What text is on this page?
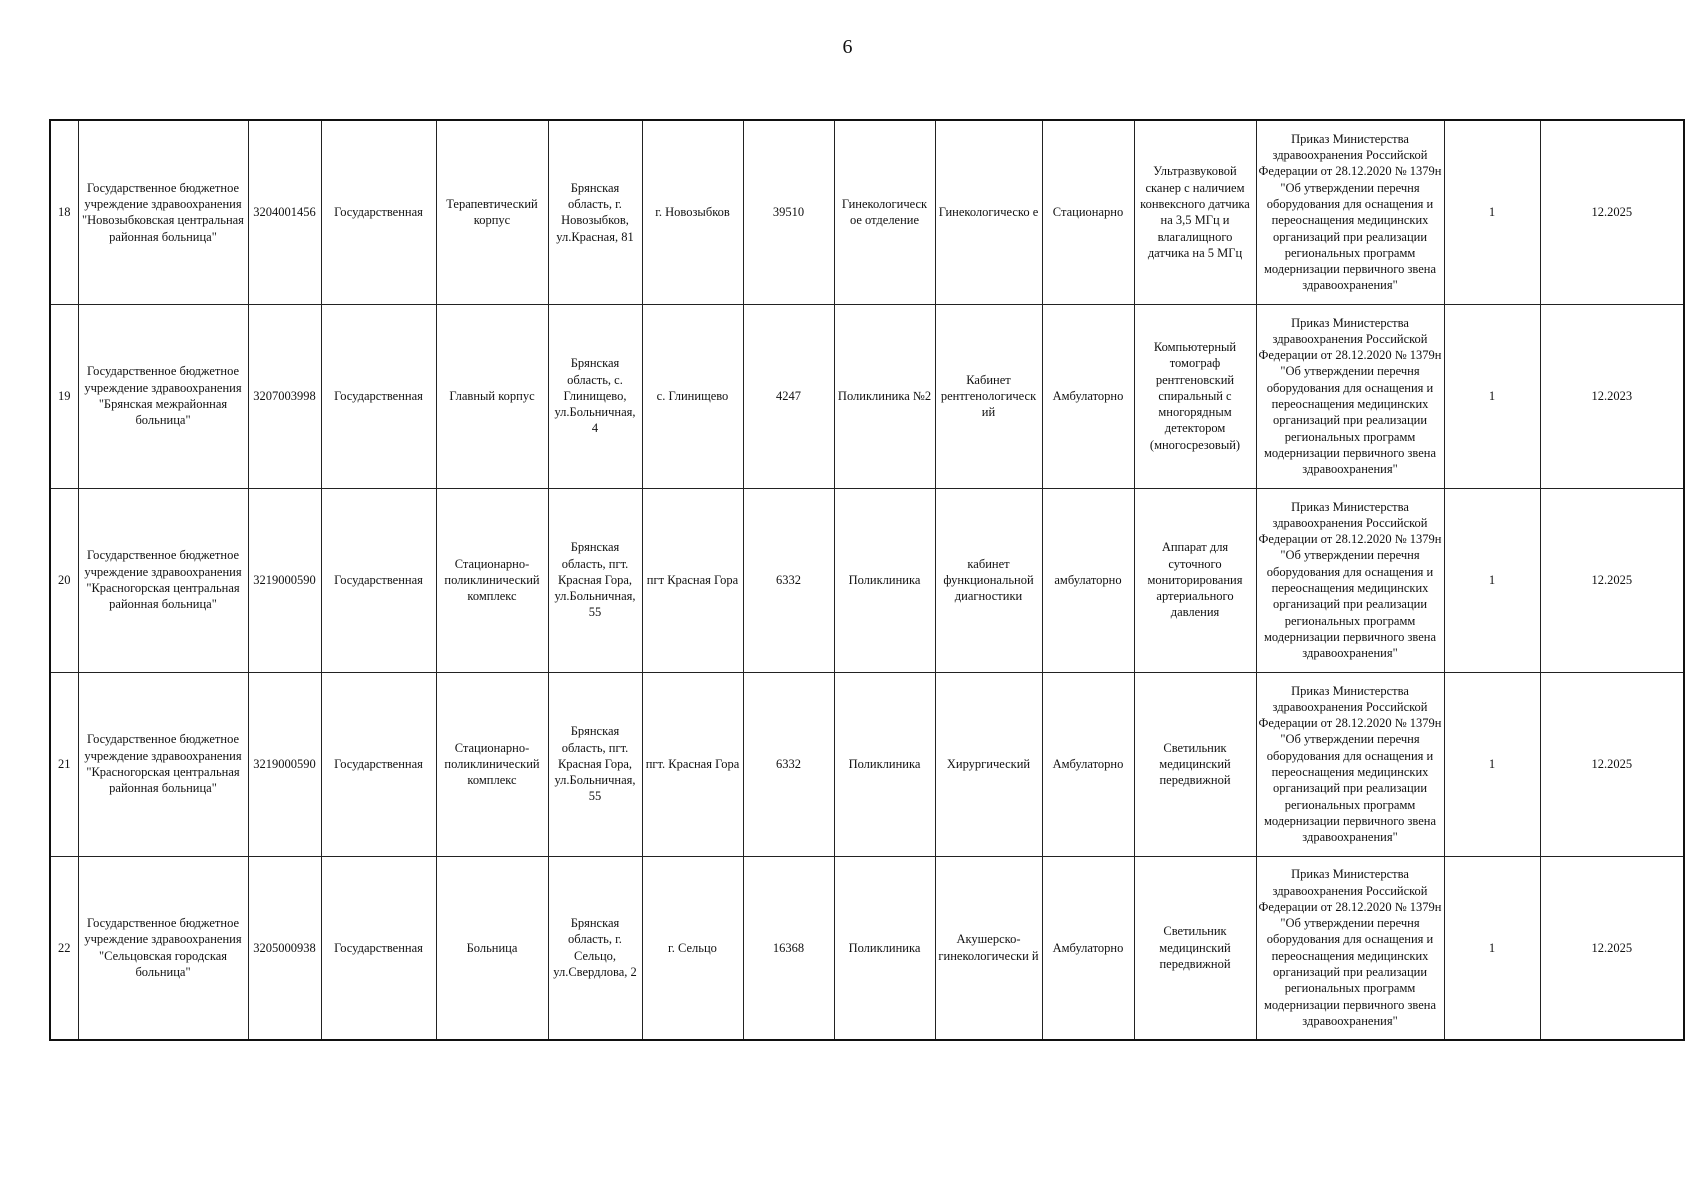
6
18	Государственное бюджетное учреждение здравоохранения "Новозыбковская центральная районная больница"	3204001456	Государственная	Терапевтический корпус	Брянская область, г. Новозыбков, ул.Красная, 81	г. Новозыбков	39510	Гинекологическ ое отделение	Гинекологическо е	Стационарно	Ультразвуковой сканер с наличием конвексного датчика на 3,5 МГц и влагалищного датчика на 5 МГц	Приказ Министерства здравоохранения Российской Федерации от 28.12.2020 № 1379н "Об утверждении перечня оборудования для оснащения и переоснащения медицинских организаций при реализации региональных программ модернизации первичного звена здравоохранения"	1	12.2025
19	Государственное бюджетное учреждение здравоохранения "Брянская межрайонная больница"	3207003998	Государственная	Главный корпус	Брянская область, с. Глинищево, ул.Больничная, 4	с. Глинищево	4247	Поликлиника №2	Кабинет рентгенологическ ий	Амбулаторно	Компьютерный томограф рентгеновский спиральный с многорядным детектором (многосрезовый)	Приказ Министерства здравоохранения Российской Федерации от 28.12.2020 № 1379н "Об утверждении перечня оборудования для оснащения и переоснащения медицинских организаций при реализации региональных программ модернизации первичного звена здравоохранения"	1	12.2023
20	Государственное бюджетное учреждение здравоохранения "Красногорская центральная районная больница"	3219000590	Государственная	Стационарно-поликлинический комплекс	Брянская область, пгт. Красная Гора, ул.Больничная, 55	пгт Красная Гора	6332	Поликлиника	кабинет функциональной диагностики	амбулаторно	Аппарат для суточного мониторирования артериального давления	Приказ Министерства здравоохранения Российской Федерации от 28.12.2020 № 1379н "Об утверждении перечня оборудования для оснащения и переоснащения медицинских организаций при реализации региональных программ модернизации первичного звена здравоохранения"	1	12.2025
21	Государственное бюджетное учреждение здравоохранения "Красногорская центральная районная больница"	3219000590	Государственная	Стационарно-поликлинический комплекс	Брянская область, пгт. Красная Гора, ул.Больничная, 55	пгт. Красная Гора	6332	Поликлиника	Хирургический	Амбулаторно	Светильник медицинский передвижной	Приказ Министерства здравоохранения Российской Федерации от 28.12.2020 № 1379н "Об утверждении перечня оборудования для оснащения и переоснащения медицинских организаций при реализации региональных программ модернизации первичного звена здравоохранения"	1	12.2025
22	Государственное бюджетное учреждение здравоохранения "Сельцовская городская больница"	3205000938	Государственная	Больница	Брянская область, г. Сельцо, ул.Свердлова, 2	г. Сельцо	16368	Поликлиника	Акушерско-гинекологически й	Амбулаторно	Светильник медицинский передвижной	Приказ Министерства здравоохранения Российской Федерации от 28.12.2020 № 1379н "Об утверждении перечня оборудования для оснащения и переоснащения медицинских организаций при реализации региональных программ модернизации первичного звена здравоохранения"	1	12.2025
